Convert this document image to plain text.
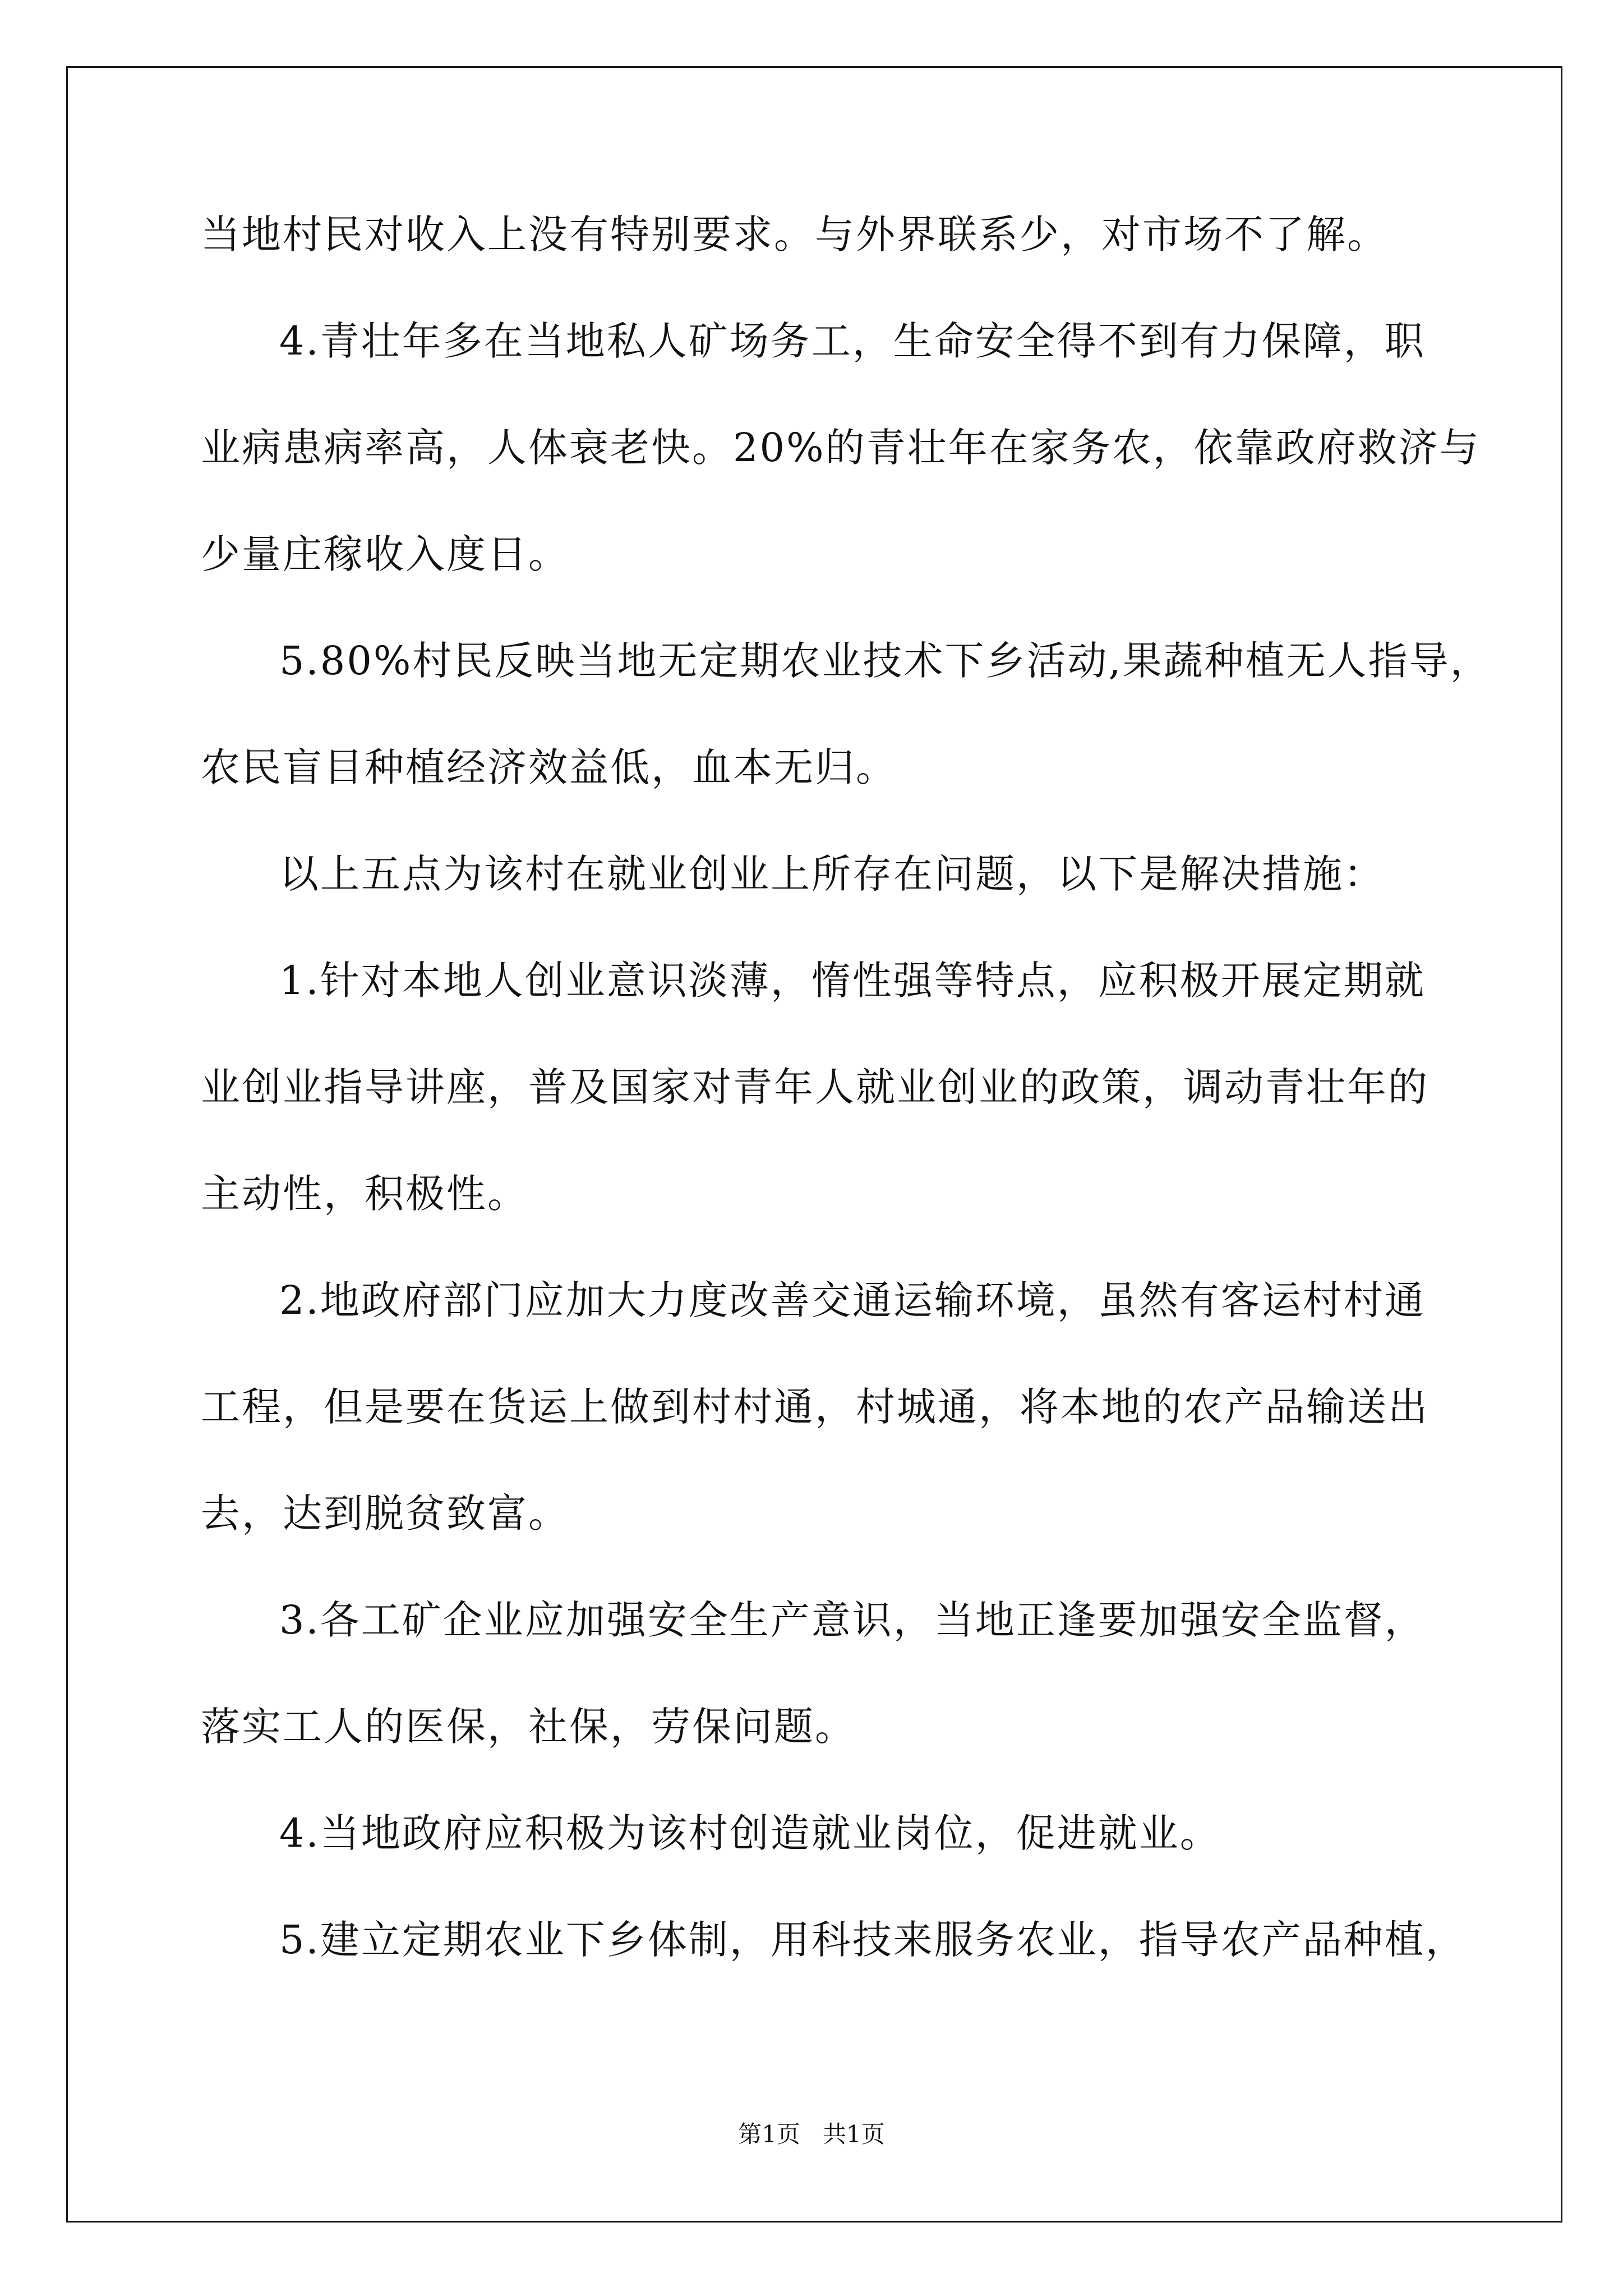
当地村民对收入上没有特别要求。与外界联系少，对市场不了解。
4.青壮年多在当地私人矿场务工，生命安全得不到有力保障，职
业病患病率高，人体衰老快。20%的青壮年在家务农，依靠政府救济与
少量庄稼收入度日。
5.80%村民反映当地无定期农业技术下乡活动,果蔬种植无人指导，
农民盲目种植经济效益低，血本无归。
以上五点为该村在就业创业上所存在问题，以下是解决措施：
1.针对本地人创业意识淡薄，惰性强等特点，应积极开展定期就
业创业指导讲座，普及国家对青年人就业创业的政策，调动青壮年的
主动性，积极性。
2.地政府部门应加大力度改善交通运输环境，虽然有客运村村通
工程，但是要在货运上做到村村通，村城通，将本地的农产品输送出
去，达到脱贫致富。
3.各工矿企业应加强安全生产意识，当地正逢要加强安全监督，
落实工人的医保，社保，劳保问题。
4.当地政府应积极为该村创造就业岗位，促进就业。
5.建立定期农业下乡体制，用科技来服务农业，指导农产品种植，
第1页 共1页
